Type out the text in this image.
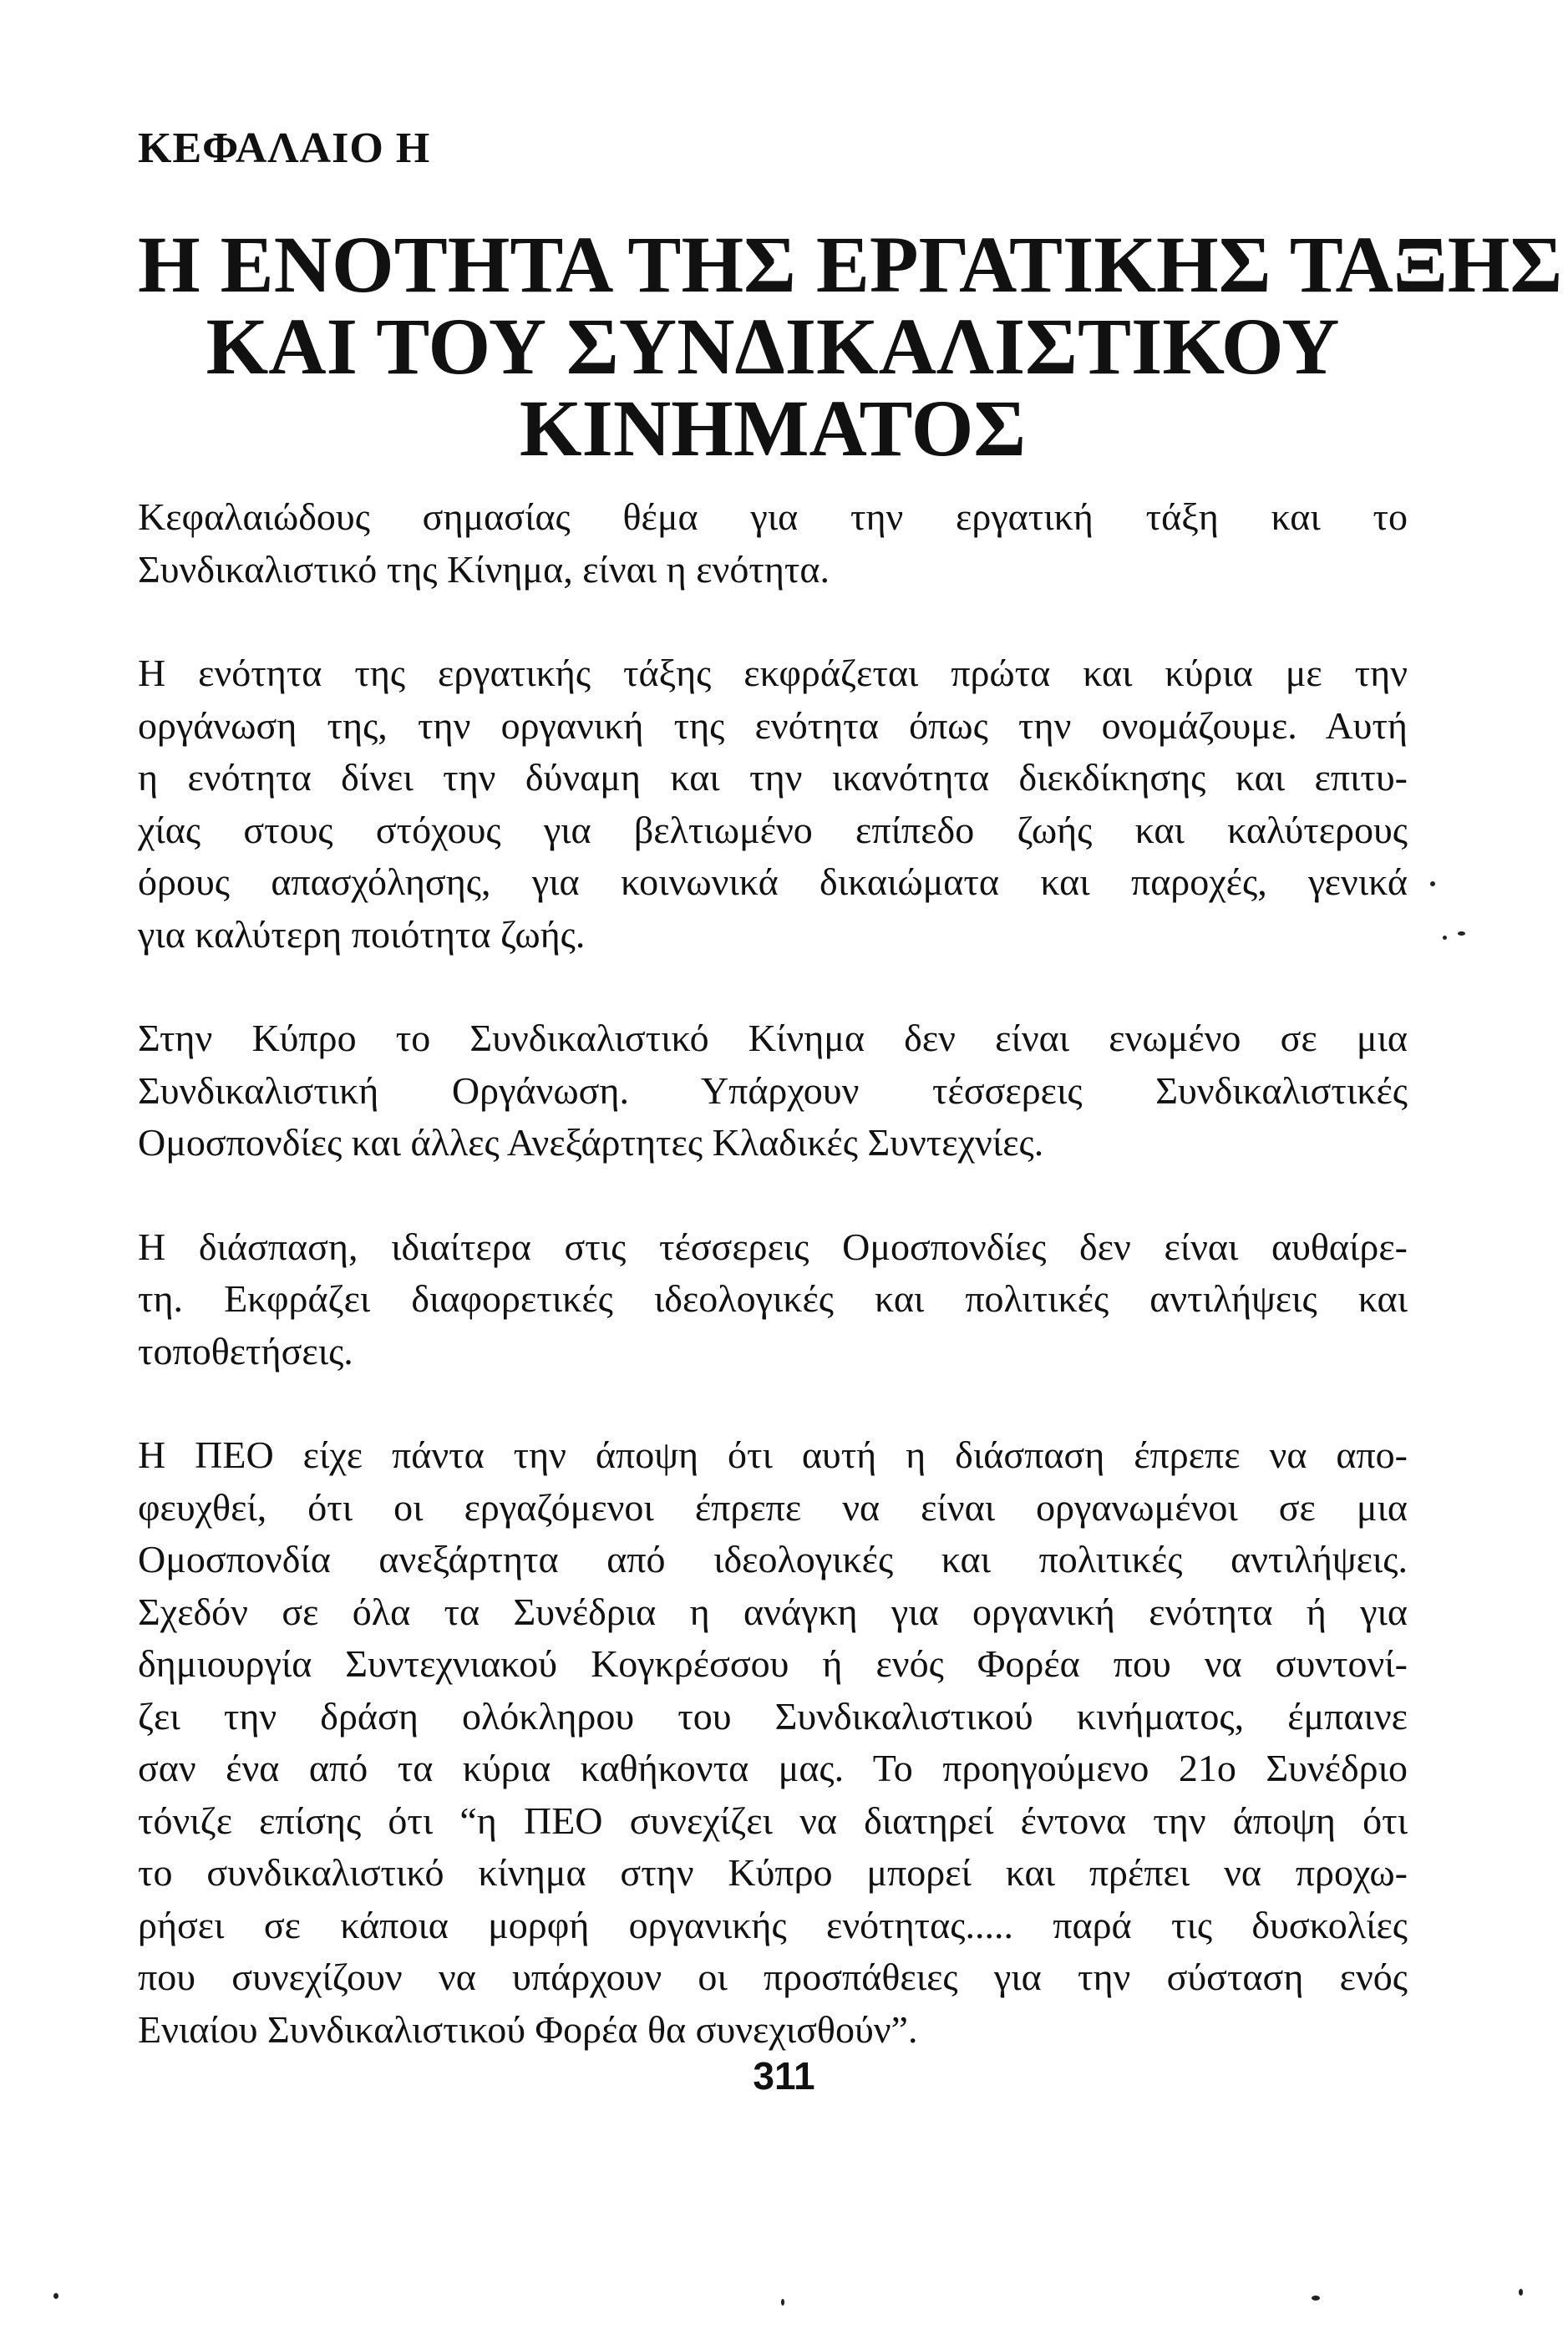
ΚΕΦΑΛΑΙΟ Η
Η ΕΝΟΤΗΤΑ ΤΗΣ ΕΡΓΑΤΙΚΗΣ ΤΑΞΗΣ
ΚΑΙ ΤΟΥ ΣΥΝΔΙΚΑΛΙΣΤΙΚΟΥ
ΚΙΝΗΜΑΤΟΣ

Κεφαλαιώδους σημασίας θέμα για την εργατική τάξη και το
Συνδικαλιστικό της Κίνημα, είναι η ενότητα.

Η ενότητα της εργατικής τάξης εκφράζεται πρώτα και κύρια με την
οργάνωση της, την οργανική της ενότητα όπως την ονομάζουμε. Αυτή
η ενότητα δίνει την δύναμη και την ικανότητα διεκδίκησης και επιτυ-
χίας στους στόχους για βελτιωμένο επίπεδο ζωής και καλύτερους
όρους απασχόλησης, για κοινωνικά δικαιώματα και παροχές, γενικά
για καλύτερη ποιότητα ζωής.

Στην Κύπρο το Συνδικαλιστικό Κίνημα δεν είναι ενωμένο σε μια
Συνδικαλιστική Οργάνωση. Υπάρχουν τέσσερεις Συνδικαλιστικές
Ομοσπονδίες και άλλες Ανεξάρτητες Κλαδικές Συντεχνίες.

Η διάσπαση, ιδιαίτερα στις τέσσερεις Ομοσπονδίες δεν είναι αυθαίρε-
τη. Εκφράζει διαφορετικές ιδεολογικές και πολιτικές αντιλήψεις και
τοποθετήσεις.

Η ΠΕΟ είχε πάντα την άποψη ότι αυτή η διάσπαση έπρεπε να απο-
φευχθεί, ότι οι εργαζόμενοι έπρεπε να είναι οργανωμένοι σε μια
Ομοσπονδία ανεξάρτητα από ιδεολογικές και πολιτικές αντιλήψεις.
Σχεδόν σε όλα τα Συνέδρια η ανάγκη για οργανική ενότητα ή για
δημιουργία Συντεχνιακού Κογκρέσσου ή ενός Φορέα που να συντονί-
ζει την δράση ολόκληρου του Συνδικαλιστικού κινήματος, έμπαινε
σαν ένα από τα κύρια καθήκοντα μας. Το προηγούμενο 21ο Συνέδριο
τόνιζε επίσης ότι “η ΠΕΟ συνεχίζει να διατηρεί έντονα την άποψη ότι
το συνδικαλιστικό κίνημα στην Κύπρο μπορεί και πρέπει να προχω-
ρήσει σε κάποια μορφή οργανικής ενότητας..... παρά τις δυσκολίες
που συνεχίζουν να υπάρχουν οι προσπάθειες για την σύσταση ενός
Ενιαίου Συνδικαλιστικού Φορέα θα συνεχισθούν”.

311
